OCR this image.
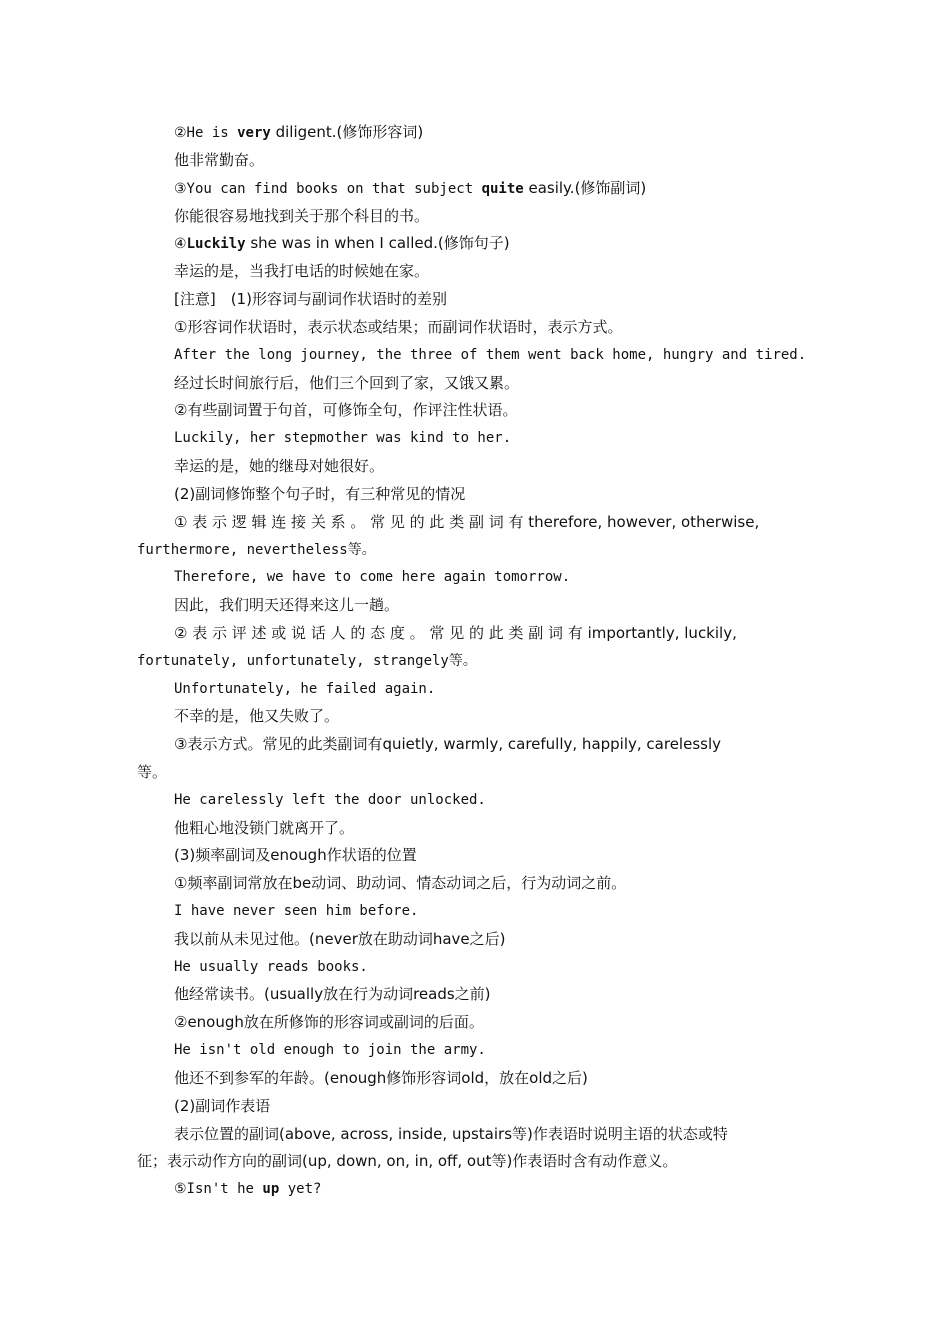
②He is very diligent.(修饰形容词)
他非常勤奋。
③You can find books on that subject quite easily.(修饰副词)
你能很容易地找到关于那个科目的书。
④Luckily she was in when I called.(修饰句子)
幸运的是，当我打电话的时候她在家。
[注意]　(1)形容词与副词作状语时的差别
①形容词作状语时，表示状态或结果；而副词作状语时，表示方式。
After the long journey, the three of them went back home, hungry and tired.
经过长时间旅行后，他们三个回到了家，又饿又累。
②有些副词置于句首，可修饰全句，作评注性状语。
Luckily, her stepmother was kind to her.
幸运的是，她的继母对她很好。
(2)副词修饰整个句子时，有三种常见的情况
① 表 示 逻 辑 连 接 关 系 。 常 见 的 此 类 副 词 有 therefore, however, otherwise,
furthermore, nevertheless等。
Therefore, we have to come here again tomorrow.
因此，我们明天还得来这儿一趟。
② 表 示 评 述 或 说 话 人 的 态 度 。 常 见 的 此 类 副 词 有 importantly, luckily,
fortunately, unfortunately, strangely等。
Unfortunately, he failed again.
不幸的是，他又失败了。
③表示方式。常见的此类副词有quietly, warmly, carefully, happily, carelessly
等。
He carelessly left the door unlocked.
他粗心地没锁门就离开了。
(3)频率副词及enough作状语的位置
①频率副词常放在be动词、助动词、情态动词之后，行为动词之前。
I have never seen him before.
我以前从未见过他。(never放在助动词have之后)
He usually reads books.
他经常读书。(usually放在行为动词reads之前)
②enough放在所修饰的形容词或副词的后面。
He isn't old enough to join the army.
他还不到参军的年龄。(enough修饰形容词old，放在old之后)
(2)副词作表语
表示位置的副词(above, across, inside, upstairs等)作表语时说明主语的状态或特
征；表示动作方向的副词(up, down, on, in, off, out等)作表语时含有动作意义。
⑤Isn't he up yet?
